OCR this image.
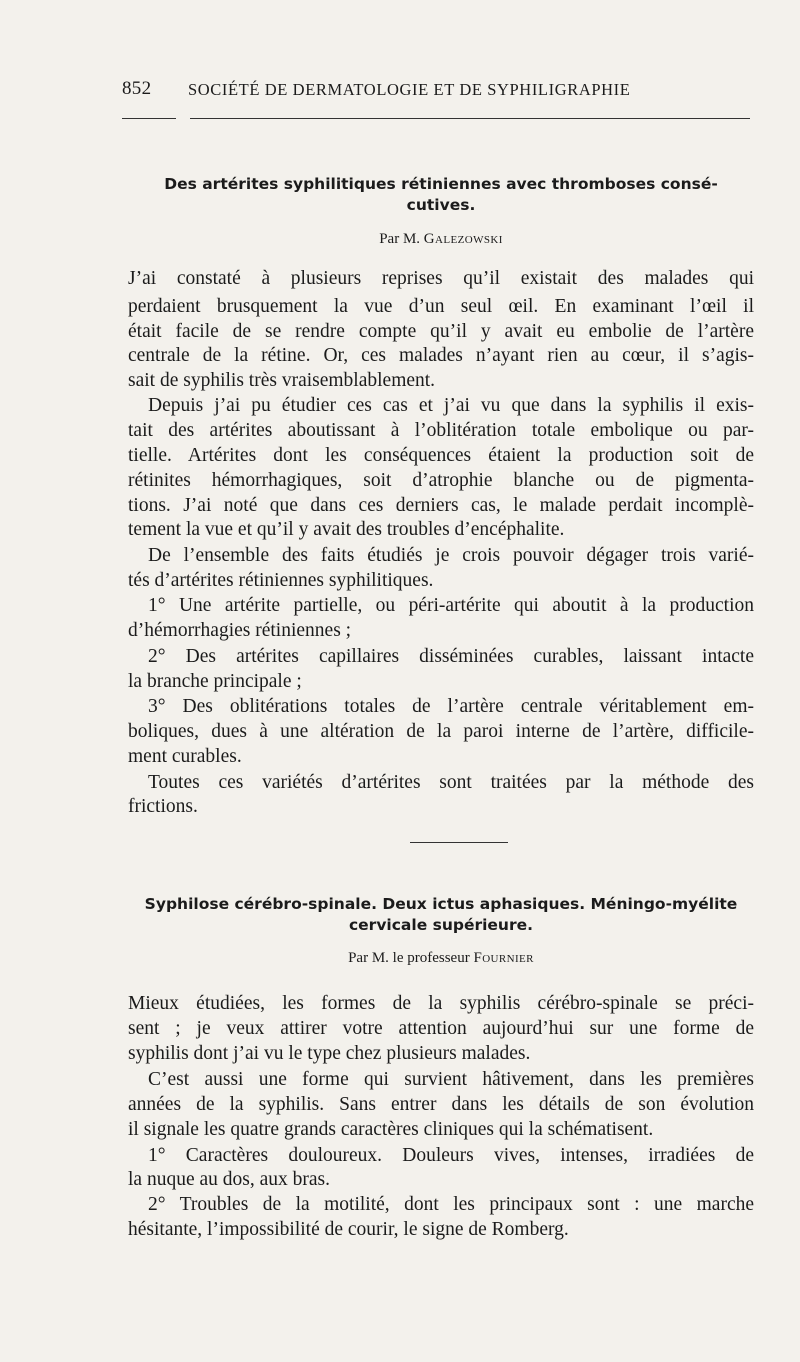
852 SOCIÉTÉ DE DERMATOLOGIE ET DE SYPHILIGRAPHIE
Des artérites syphilitiques rétiniennes avec thromboses consé-
cutives.
Par M. Galezowski
J’ai constaté à plusieurs reprises qu’il existait des malades qui
perdaient brusquement la vue d’un seul œil. En examinant l’œil il
était facile de se rendre compte qu’il y avait eu embolie de l’artère
centrale de la rétine. Or, ces malades n’ayant rien au cœur, il s’agis-
sait de syphilis très vraisemblablement.
Depuis j’ai pu étudier ces cas et j’ai vu que dans la syphilis il exis-
tait des artérites aboutissant à l’oblitération totale embolique ou par-
tielle. Artérites dont les conséquences étaient la production soit de
rétinites hémorrhagiques, soit d’atrophie blanche ou de pigmenta-
tions. J’ai noté que dans ces derniers cas, le malade perdait incomplè-
tement la vue et qu’il y avait des troubles d’encéphalite.
De l’ensemble des faits étudiés je crois pouvoir dégager trois varié-
tés d’artérites rétiniennes syphilitiques.
1° Une artérite partielle, ou péri-artérite qui aboutit à la production
d’hémorrhagies rétiniennes ;
2° Des artérites capillaires disséminées curables, laissant intacte
la branche principale ;
3° Des oblitérations totales de l’artère centrale véritablement em-
boliques, dues à une altération de la paroi interne de l’artère, difficile-
ment curables.
Toutes ces variétés d’artérites sont traitées par la méthode des
frictions.
Syphilose cérébro-spinale. Deux ictus aphasiques. Méningo-myélite
cervicale supérieure.
Par M. le professeur Fournier
Mieux étudiées, les formes de la syphilis cérébro-spinale se préci-
sent ; je veux attirer votre attention aujourd’hui sur une forme de
syphilis dont j’ai vu le type chez plusieurs malades.
C’est aussi une forme qui survient hâtivement, dans les premières
années de la syphilis. Sans entrer dans les détails de son évolution
il signale les quatre grands caractères cliniques qui la schématisent.
1° Caractères douloureux. Douleurs vives, intenses, irradiées de
la nuque au dos, aux bras.
2° Troubles de la motilité, dont les principaux sont : une marche
hésitante, l’impossibilité de courir, le signe de Romberg.
